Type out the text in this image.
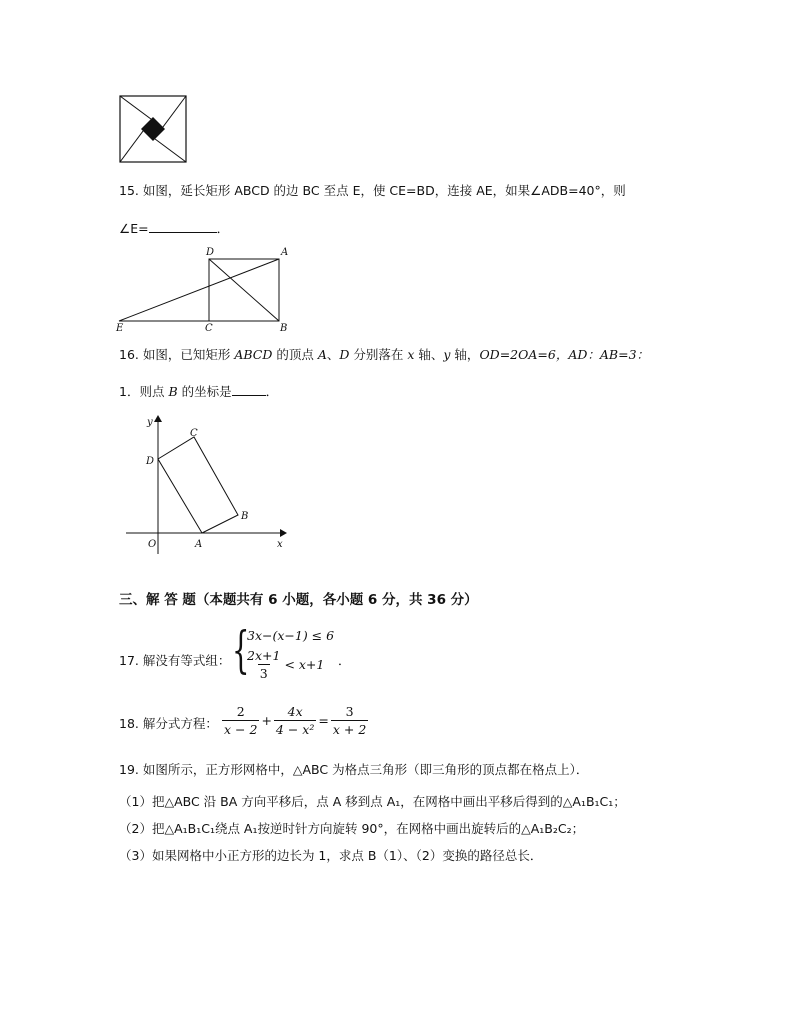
15. 如图，延长矩形 ABCD 的边 BC 至点 E，使 CE=BD，连接 AE，如果∠ADB=40°，则
∠E=	．
D	A
E	C	B
16. 如图，已知矩形 ABCD 的顶点 A、D 分别落在 x 轴、y 轴，OD=2OA=6，AD：AB=3：
1．则点 B 的坐标是	．
y
x
O	A
B
C
D
三、解 答 题（本题共有 6 小题，各小题 6 分，共 36 分）
17. 解没有等式组： {
3x−(x−1) ≤ 6
$\frac{2x+1}{3} < x+1$ ．
18. 解分式方程： $\frac{2}{x - 2} + \frac{4x}{\text{4 − x²}} = \frac{3}{x + 2}$
19. 如图所示，正方形网格中，△ABC 为格点三角形（即三角形的顶点都在格点上）．
（1）把△ABC 沿 BA 方向平移后，点 A 移到点 A₁，在网格中画出平移后得到的△A₁B₁C₁；
（2）把△A₁B₁C₁绕点 A₁按逆时针方向旋转 90°，在网格中画出旋转后的△A₁B₂C₂；
（3）如果网格中小正方形的边长为 1，求点 B（1）、（2）变换的路径总长．
